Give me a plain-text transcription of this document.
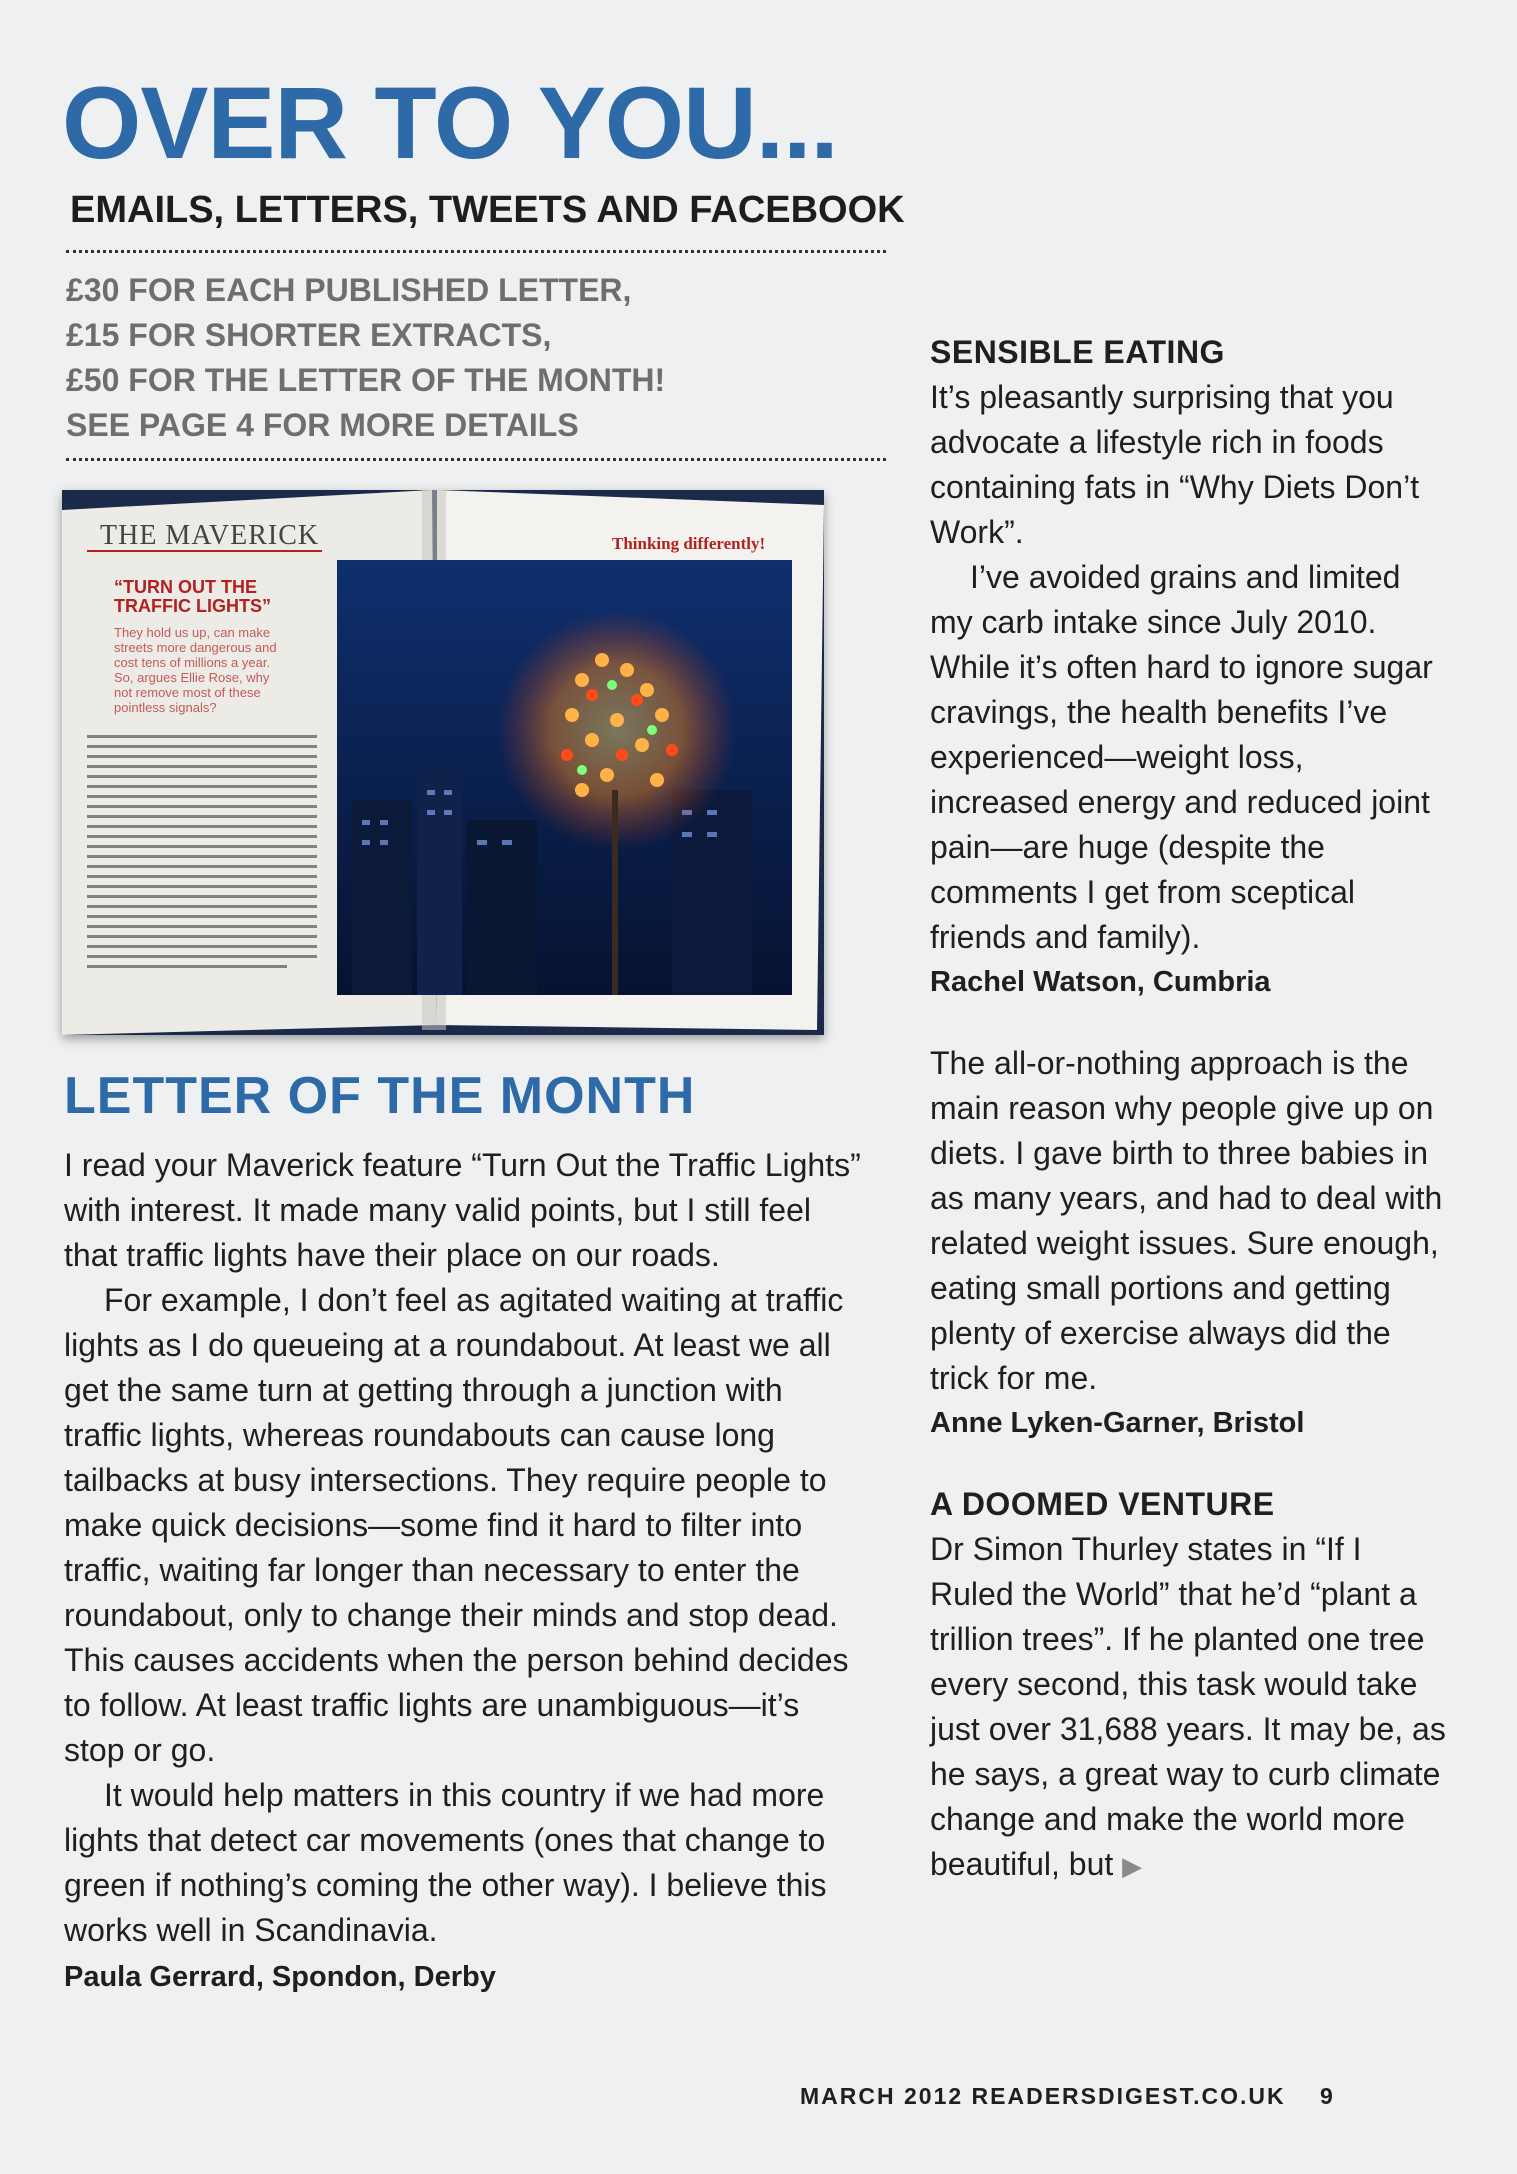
OVER TO YOU...
EMAILS, LETTERS, TWEETS AND FACEBOOK
£30 FOR EACH PUBLISHED LETTER,
£15 FOR SHORTER EXTRACTS,
£50 FOR THE LETTER OF THE MONTH!
SEE PAGE 4 FOR MORE DETAILS
THE MAVERICK	Thinking differently!
“TURN OUT THE
TRAFFIC LIGHTS”
They hold us up, can make
streets more dangerous and
cost tens of millions a year.
So, argues Ellie Rose, why
not remove most of these
pointless signals?
LETTER OF THE MONTH

I read your Maverick feature “Turn Out the Traffic Lights” with interest. It made many valid points, but I still feel that traffic lights have their place on our roads.

For example, I don’t feel as agitated waiting at traffic lights as I do queueing at a roundabout. At least we all get the same turn at getting through a junction with traffic lights, whereas roundabouts can cause long tailbacks at busy intersections. They require people to make quick decisions—some find it hard to filter into traffic, waiting far longer than necessary to enter the roundabout, only to change their minds and stop dead. This causes accidents when the person behind decides to follow. At least traffic lights are unambiguous—it’s stop or go.

It would help matters in this country if we had more lights that detect car movements (ones that change to green if nothing’s coming the other way). I believe this works well in Scandinavia.

Paula Gerrard, Spondon, Derby

SENSIBLE EATING

It’s pleasantly surprising that you advocate a lifestyle rich in foods containing fats in “Why Diets Don’t Work”.

I’ve avoided grains and limited my carb intake since July 2010. While it’s often hard to ignore sugar cravings, the health benefits I’ve experienced—weight loss, increased energy and reduced joint pain—are huge (despite the comments I get from sceptical friends and family).

Rachel Watson, Cumbria

The all-or-nothing approach is the main reason why people give up on diets. I gave birth to three babies in as many years, and had to deal with related weight issues. Sure enough, eating small portions and getting plenty of exercise always did the trick for me.

Anne Lyken-Garner, Bristol

A DOOMED VENTURE

Dr Simon Thurley states in “If I Ruled the World” that he’d “plant a trillion trees”. If he planted one tree every second, this task would take just over 31,688 years. It may be, as he says, a great way to curb climate change and make the world more beautiful, but ▶

MARCH 2012 READERSDIGEST.CO.UK 9
